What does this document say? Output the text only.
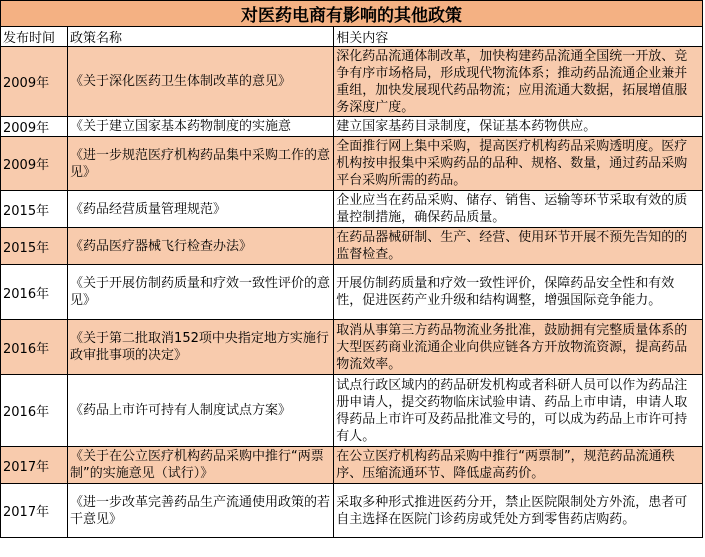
对医药电商有影响的其他政策		
发布时间	政策名称	相关内容
2009年	《关于深化医药卫生体制改革的意见》	深化药品流通体制改革，加快构建药品流通全国统一开放、竞争有序市场格局，形成现代物流体系；推动药品流通企业兼并重组，加快发展现代药品物流；应用流通大数据，拓展增值服务深度广度。
2009年	《关于建立国家基本药物制度的实施意	建立国家基药目录制度，保证基本药物供应。
2009年	《进一步规范医疗机构药品集中采购工作的意见》	全面推行网上集中采购，提高医疗机构药品采购透明度。医疗机构按申报集中采购药品的品种、规格、数量，通过药品采购平台采购所需的药品。
2015年	《药品经营质量管理规范》	企业应当在药品采购、储存、销售、运输等环节采取有效的质量控制措施，确保药品质量。
2015年	《药品医疗器械飞行检查办法》	在药品器械研制、生产、经营、使用环节开展不预先告知的的监督检查。
2016年	《关于开展仿制药质量和疗效一致性评价的意见》	开展仿制药质量和疗效一致性评价，保障药品安全性和有效性，促进医药产业升级和结构调整，增强国际竞争能力。
2016年	《关于第二批取消152项中央指定地方实施行政审批事项的决定》	取消从事第三方药品物流业务批准，鼓励拥有完整质量体系的大型医药商业流通企业向供应链各方开放物流资源，提高药品物流效率。
2016年	《药品上市许可持有人制度试点方案》	试点行政区域内的药品研发机构或者科研人员可以作为药品注册申请人，提交药物临床试验申请、药品上市申请，申请人取得药品上市许可及药品批准文号的，可以成为药品上市许可持有人。
2017年	《关于在公立医疗机构药品采购中推行“两票制”的实施意见（试行）》	在公立医疗机构药品采购中推行“两票制”，规范药品流通秩序、压缩流通环节、降低虚高药价。
2017年	《进一步改革完善药品生产流通使用政策的若干意见》	采取多种形式推进医药分开，禁止医院限制处方外流，患者可自主选择在医院门诊药房或凭处方到零售药店购药。
